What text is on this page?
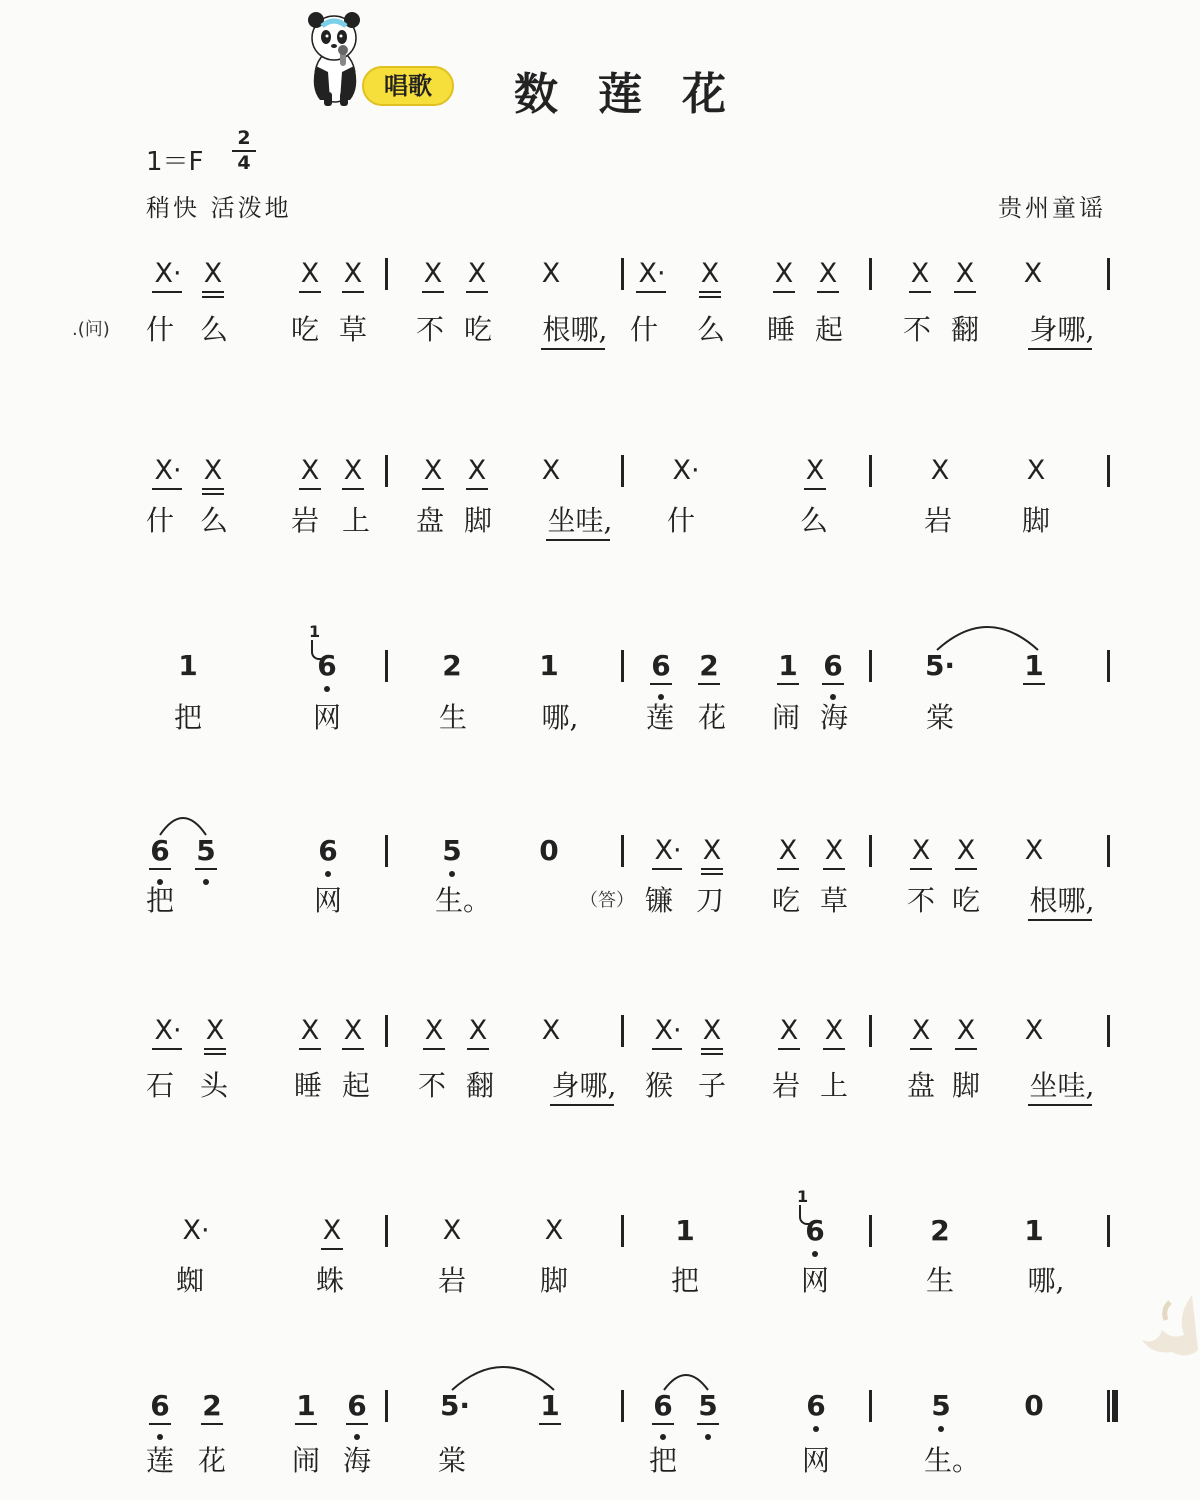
唱歌	数莲花
1＝F
2
4
稍快 活泼地	贵州童谣
X· X	X X	X X	X	X·	X	X X	X X	X
.(问) 什 么 吃 草 不 吃 根哪, 什 么 睡 起 不 翻 身哪,
X· X	X X	X X	X	X·	X	X	X
什 么 岩 上 盘 脚 坐哇, 什	么	岩 脚
1	6
1
2	1	6 2 1 6	5· 1
把	网	生	哪, 莲 花 闹 海	棠
6 5	6	5	0	X· X	X	X	X X	X
（答）
把	网	生。	镰 刀 吃 草 不 吃 根哪,
X· X	X X	X X	X	X· X	X X	X X	X
石 头 睡 起 不 翻 身哪, 猴 子 岩 上 盘 脚 坐哇,
X·	X	X	X	1	6
1
2	1
蜘	蛛	岩	脚	把	网	生	哪,
6 2	1 6	5·	1	6 5	6	5	0
莲 花 闹 海 棠	把	网	生。
